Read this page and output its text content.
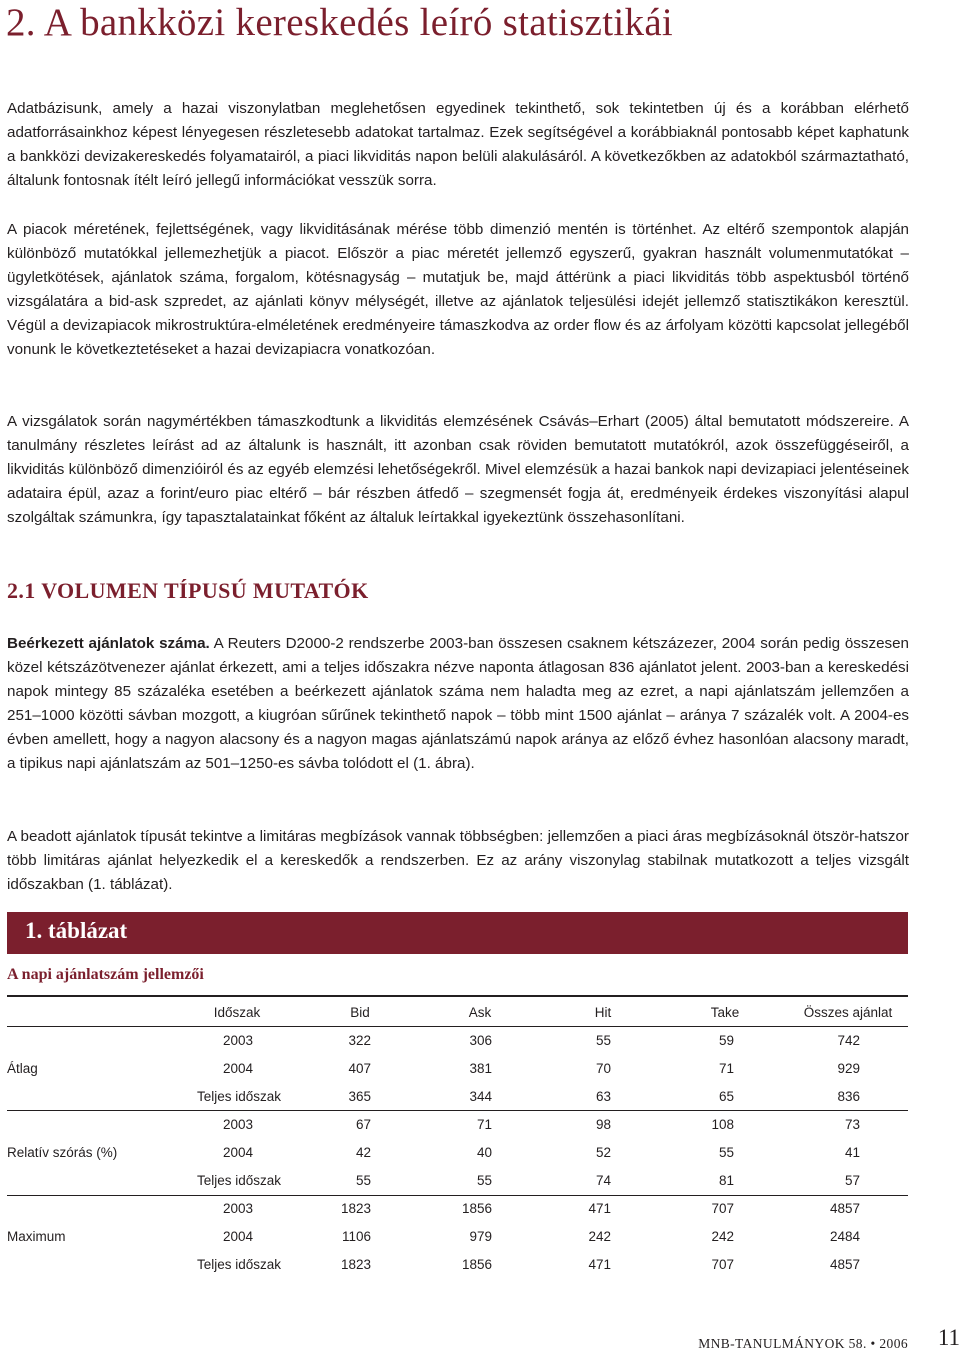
2. A bankközi kereskedés leíró statisztikái

Adatbázisunk, amely a hazai viszonylatban meglehetősen egyedinek tekinthető, sok tekintetben új és a korábban elérhető adatforrásainkhoz képest lényegesen részletesebb adatokat tartalmaz. Ezek segítségével a korábbiaknál pontosabb képet kaphatunk a bankközi devizakereskedés folyamatairól, a piaci likviditás napon belüli alakulásáról. A következőkben az adatokból származtatható, általunk fontosnak ítélt leíró jellegű információkat vesszük sorra.

A piacok méretének, fejlettségének, vagy likviditásának mérése több dimenzió mentén is történhet. Az eltérő szempontok alapján különböző mutatókkal jellemezhetjük a piacot. Először a piac méretét jellemző egyszerű, gyakran használt volumenmutatókat – ügyletkötések, ajánlatok száma, forgalom, kötésnagyság – mutatjuk be, majd áttérünk a piaci likviditás több aspektusból történő vizsgálatára a bid-ask szpredet, az ajánlati könyv mélységét, illetve az ajánlatok teljesülési idejét jellemző statisztikákon keresztül. Végül a devizapiacok mikrostruktúra-elméletének eredményeire támaszkodva az order flow és az árfolyam közötti kapcsolat jellegéből vonunk le következtetéseket a hazai devizapiacra vonatkozóan.

A vizsgálatok során nagymértékben támaszkodtunk a likviditás elemzésének Csávás–Erhart (2005) által bemutatott módszereire. A tanulmány részletes leírást ad az általunk is használt, itt azonban csak röviden bemutatott mutatókról, azok összefüggéseiről, a likviditás különböző dimenzióiról és az egyéb elemzési lehetőségekről. Mivel elemzésük a hazai bankok napi devizapiaci jelentéseinek adataira épül, azaz a forint/euro piac eltérő – bár részben átfedő – szegmensét fogja át, eredményeik érdekes viszonyítási alapul szolgáltak számunkra, így tapasztalatainkat főként az általuk leírtakkal igyekeztünk összehasonlítani.

2.1 VOLUMEN TÍPUSÚ MUTATÓK

Beérkezett ajánlatok száma. A Reuters D2000-2 rendszerbe 2003-ban összesen csaknem kétszázezer, 2004 során pedig összesen közel kétszázötvenezer ajánlat érkezett, ami a teljes időszakra nézve naponta átlagosan 836 ajánlatot jelent. 2003-ban a kereskedési napok mintegy 85 százaléka esetében a beérkezett ajánlatok száma nem haladta meg az ezret, a napi ajánlatszám jellemzően a 251–1000 közötti sávban mozgott, a kiugróan sűrűnek tekinthető napok – több mint 1500 ajánlat – aránya 7 százalék volt. A 2004-es évben amellett, hogy a nagyon alacsony és a nagyon magas ajánlatszámú napok aránya az előző évhez hasonlóan alacsony maradt, a tipikus napi ajánlatszám az 501–1250-es sávba tolódott el (1. ábra).

A beadott ajánlatok típusát tekintve a limitáras megbízások vannak többségben: jellemzően a piaci áras megbízásoknál ötször-hatszor több limitáras ajánlat helyezkedik el a kereskedők a rendszerben. Ez az arány viszonylag stabilnak mutatkozott a teljes vizsgált időszakban (1. táblázat).

1. táblázat

A napi ajánlatszám jellemzői

Időszak	Bid	Ask	Hit	Take	Összes ajánlat
Átlag
2003	322	306	55	59	742
2004	407	381	70	71	929
Teljes időszak	365	344	63	65	836
Relatív szórás (%)
2003	67	71	98	108	73
2004	42	40	52	55	41
Teljes időszak	55	55	74	81	57
Maximum
2003	1823	1856	471	707	4857
2004	1106	979	242	242	2484
Teljes időszak	1823	1856	471	707	4857
MNB-TANULMÁNYOK 58. • 2006	11
